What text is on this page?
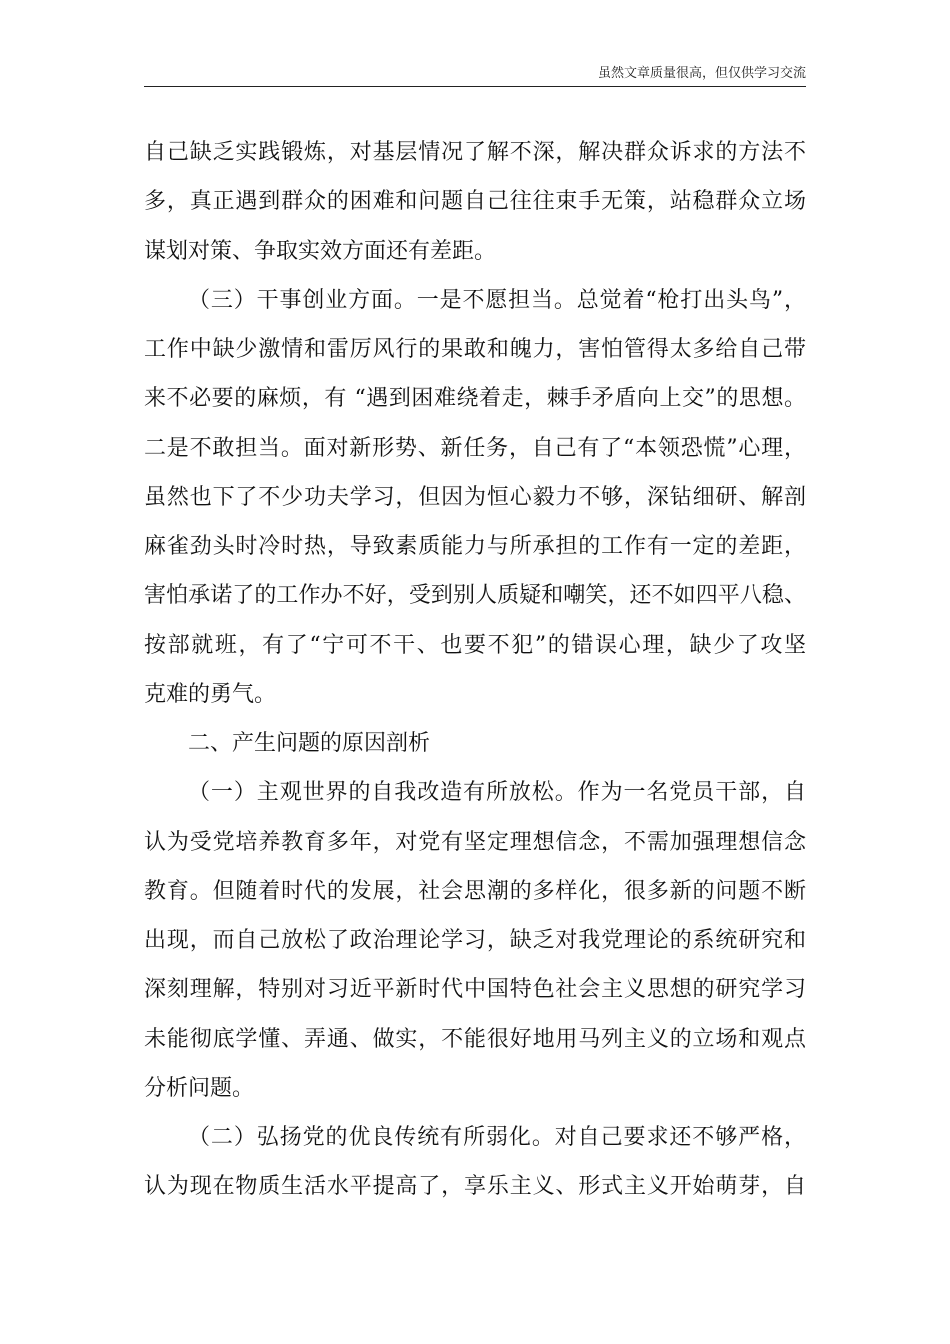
虽然文章质量很高，但仅供学习交流
自己缺乏实践锻炼，对基层情况了解不深，解决群众诉求的方法不
多，真正遇到群众的困难和问题自己往往束手无策，站稳群众立场
谋划对策、争取实效方面还有差距。
（三）干事创业方面。一是不愿担当。总觉着“枪打出头鸟”，
工作中缺少激情和雷厉风行的果敢和魄力，害怕管得太多给自己带
来不必要的麻烦，有 “遇到困难绕着走，棘手矛盾向上交”的思想。
二是不敢担当。面对新形势、新任务，自己有了“本领恐慌”心理，
虽然也下了不少功夫学习，但因为恒心毅力不够，深钻细研、解剖
麻雀劲头时冷时热，导致素质能力与所承担的工作有一定的差距，
害怕承诺了的工作办不好，受到别人质疑和嘲笑，还不如四平八稳、
按部就班，有了“宁可不干、也要不犯”的错误心理，缺少了攻坚
克难的勇气。
二、产生问题的原因剖析
（一）主观世界的自我改造有所放松。作为一名党员干部，自
认为受党培养教育多年，对党有坚定理想信念，不需加强理想信念
教育。但随着时代的发展，社会思潮的多样化，很多新的问题不断
出现，而自己放松了政治理论学习，缺乏对我党理论的系统研究和
深刻理解，特别对习近平新时代中国特色社会主义思想的研究学习
未能彻底学懂、弄通、做实，不能很好地用马列主义的立场和观点
分析问题。
（二）弘扬党的优良传统有所弱化。对自己要求还不够严格，
认为现在物质生活水平提高了，享乐主义、形式主义开始萌芽，自
